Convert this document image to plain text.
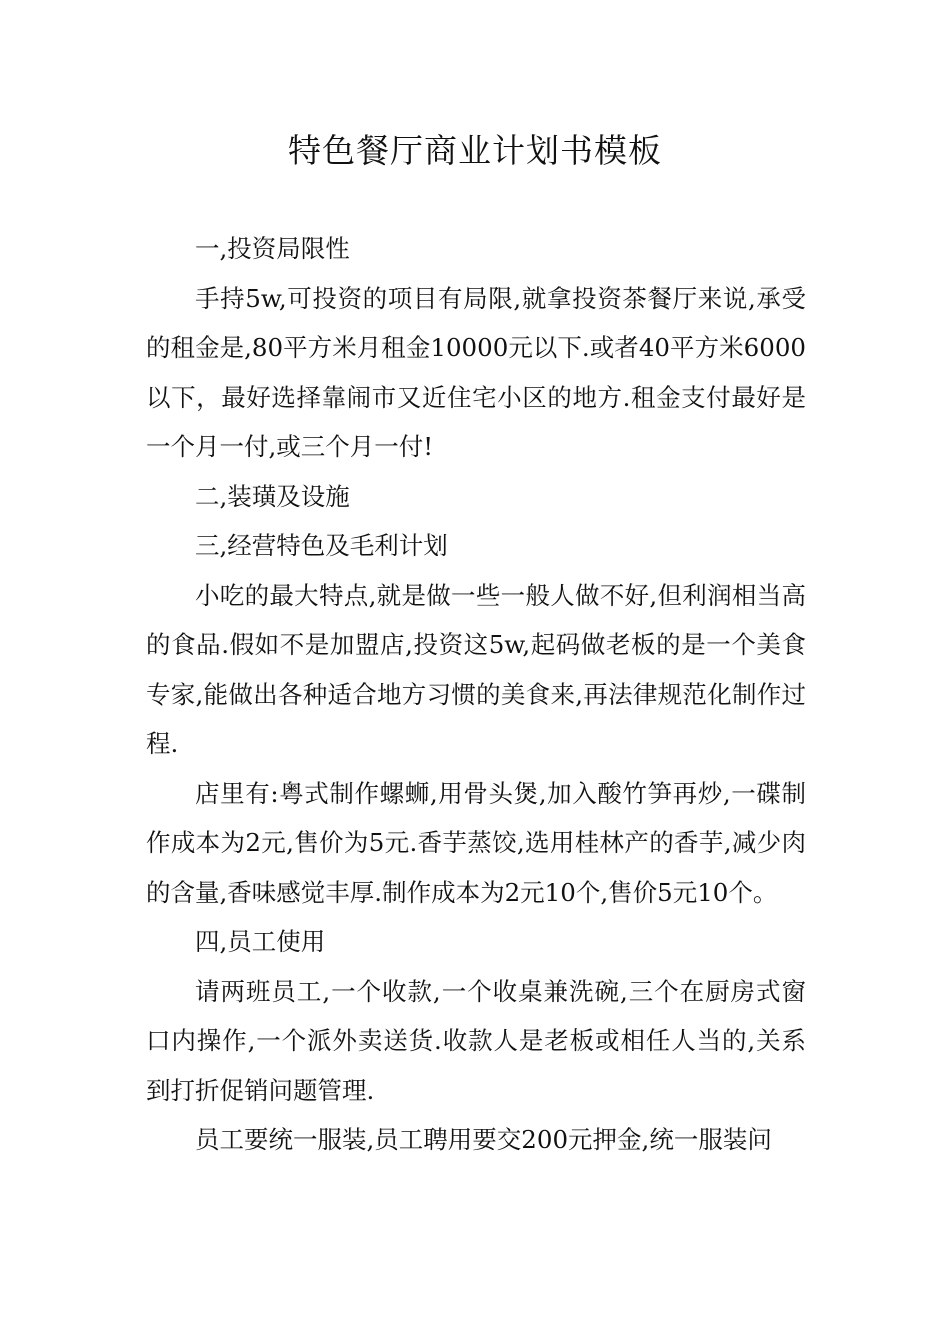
特色餐厅商业计划书模板

一,投资局限性

手持5w,可投资的项目有局限,就拿投资茶餐厅来说,承受的租金是,80平方米月租金10000元以下.或者40平方米6000以下，最好选择靠闹市又近住宅小区的地方.租金支付最好是一个月一付,或三个月一付!

二,装璜及设施

三,经营特色及毛利计划

小吃的最大特点,就是做一些一般人做不好,但利润相当高的食品.假如不是加盟店,投资这5w,起码做老板的是一个美食专家,能做出各种适合地方习惯的美食来,再法律规范化制作过程.

店里有:粤式制作螺蛳,用骨头煲,加入酸竹笋再炒,一碟制作成本为2元,售价为5元.香芋蒸饺,选用桂林产的香芋,减少肉的含量,香味感觉丰厚.制作成本为2元10个,售价5元10个。

四,员工使用

请两班员工,一个收款,一个收桌兼洗碗,三个在厨房式窗口内操作,一个派外卖送货.收款人是老板或相任人当的,关系到打折促销问题管理.

员工要统一服装,员工聘用要交200元押金,统一服装问
